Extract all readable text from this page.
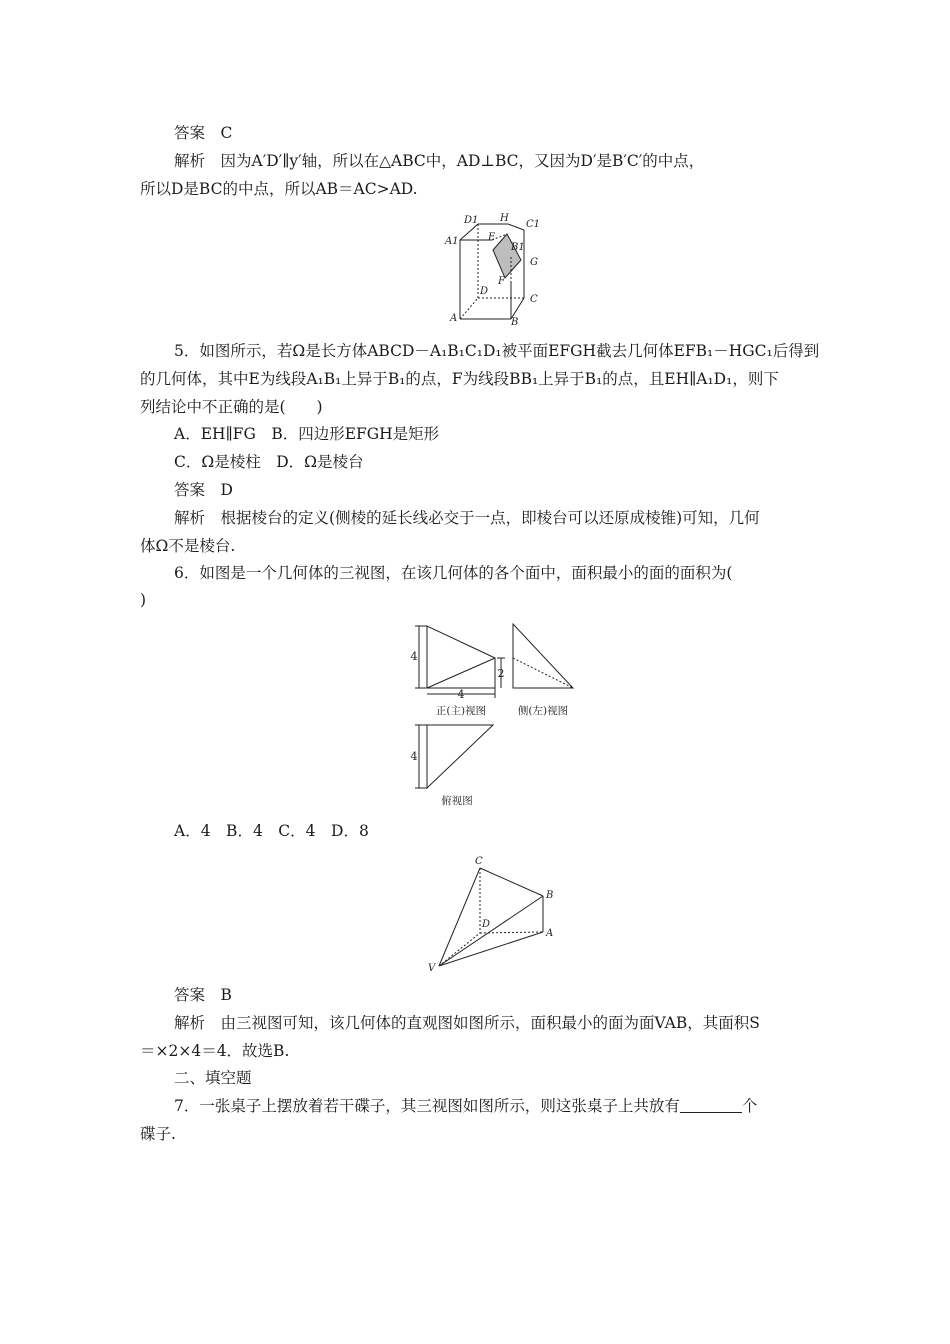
答案　 C
解析　 因为A′D′∥y′轴，所以在△ABC中，AD⊥BC，又因为D′是B′C′的中点，
所以D是BC的中点，所以AB＝AC>AD.
D1 H
C1
A1	E
B1
G
F
D
C
A	B
5．如图所示，若Ω是长方体ABCD－A₁B₁C₁D₁被平面EFGH截去几何体EFB₁－HGC₁后得到
的几何体，其中E为线段A₁B₁上异于B₁的点，F为线段BB₁上异于B₁的点，且EH∥A₁D₁，则下
列结论中不正确的是(　　)
A．EH∥FG　B．四边形EFGH是矩形
C．Ω是棱柱　D．Ω是棱台
答案　 D
解析　 根据棱台的定义(侧棱的延长线必交于一点，即棱台可以还原成棱锥)可知，几何
体Ω不是棱台.
6．如图是一个几何体的三视图，在该几何体的各个面中，面积最小的面的面积为(
)
4
2
4
4
正(主)视图	侧(左)视图
俯视图
A．4　B．4　C．4　D．8
C
B
D
A
V
答案　 B
解析　 由三视图可知，该几何体的直观图如图所示，面积最小的面为面VAB，其面积S
＝×2×4＝4．故选B.
二、填空题
7．一张桌子上摆放着若干碟子，其三视图如图所示，则这张桌子上共放有	个
碟子.
